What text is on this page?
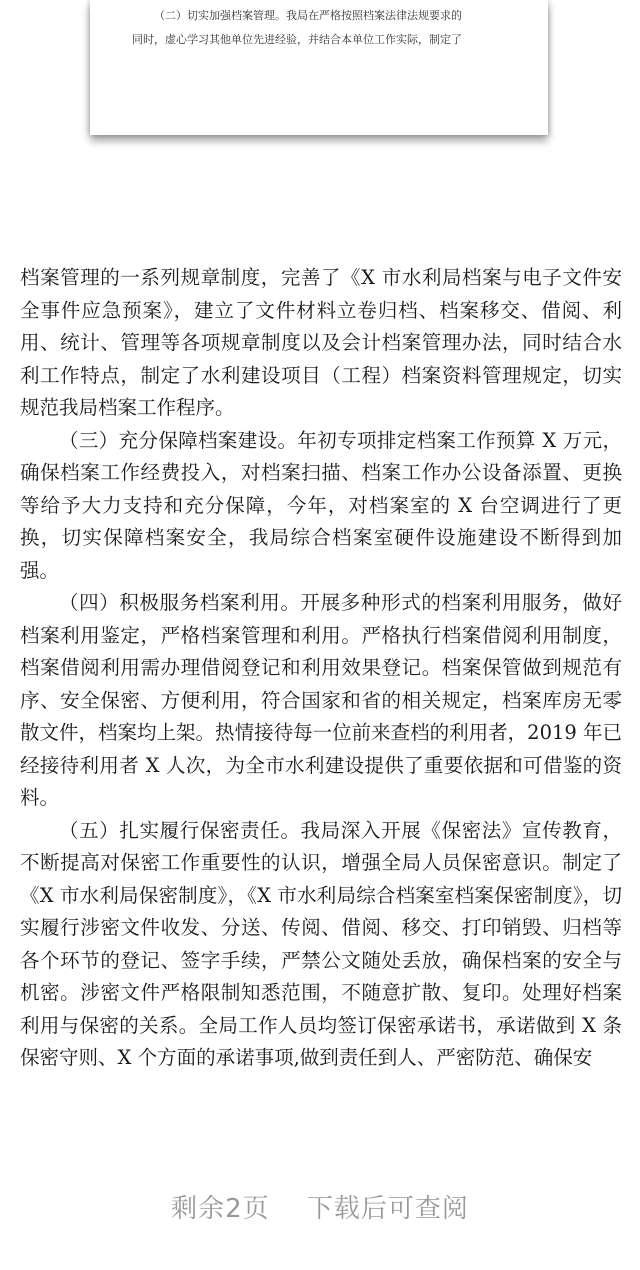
（二）切实加强档案管理。我局在严格按照档案法律法规要求的

同时，虚心学习其他单位先进经验，并结合本单位工作实际，制定了

档案管理的一系列规章制度，完善了《X 市水利局档案与电子文件安全事件应急预案》，建立了文件材料立卷归档、档案移交、借阅、利用、统计、管理等各项规章制度以及会计档案管理办法，同时结合水利工作特点，制定了水利建设项目（工程）档案资料管理规定，切实规范我局档案工作程序。

（三）充分保障档案建设。年初专项排定档案工作预算 X 万元，确保档案工作经费投入，对档案扫描、档案工作办公设备添置、更换等给予大力支持和充分保障，今年，对档案室的 X 台空调进行了更换，切实保障档案安全，我局综合档案室硬件设施建设不断得到加强。

（四）积极服务档案利用。开展多种形式的档案利用服务，做好档案利用鉴定，严格档案管理和利用。严格执行档案借阅利用制度，档案借阅利用需办理借阅登记和利用效果登记。档案保管做到规范有序、安全保密、方便利用，符合国家和省的相关规定，档案库房无零散文件，档案均上架。热情接待每一位前来查档的利用者，2019 年已经接待利用者 X 人次，为全市水利建设提供了重要依据和可借鉴的资料。

（五）扎实履行保密责任。我局深入开展《保密法》宣传教育，不断提高对保密工作重要性的认识，增强全局人员保密意识。制定了《X 市水利局保密制度》，《X 市水利局综合档案室档案保密制度》，切实履行涉密文件收发、分送、传阅、借阅、移交、打印销毁、归档等各个环节的登记、签字手续，严禁公文随处丢放，确保档案的安全与机密。涉密文件严格限制知悉范围，不随意扩散、复印。处理好档案利用与保密的关系。全局工作人员均签订保密承诺书，承诺做到 X 条保密守则、X 个方面的承诺事项,做到责任到人、严密防范、确保安

剩余2页 下载后可查阅
